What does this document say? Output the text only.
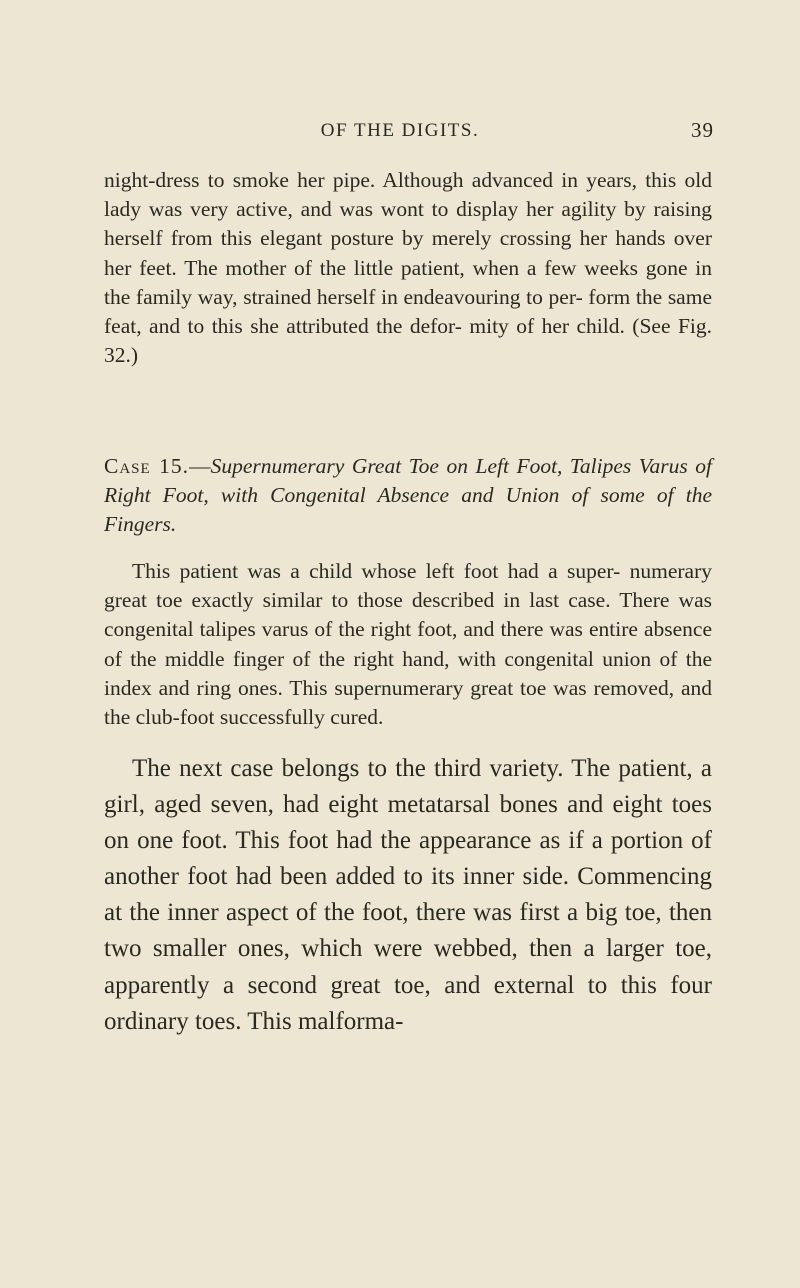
OF THE DIGITS.	39

night-dress to smoke her pipe. Although advanced in years, this old lady was very active, and was wont to display her agility by raising herself from this elegant posture by merely crossing her hands over her feet. The mother of the little patient, when a few weeks gone in the family way, strained herself in endeavouring to per- form the same feat, and to this she attributed the defor- mity of her child. (See Fig. 32.)

Case 15.—Supernumerary Great Toe on Left Foot, Talipes Varus of Right Foot, with Congenital Absence and Union of some of the Fingers.

This patient was a child whose left foot had a super- numerary great toe exactly similar to those described in last case. There was congenital talipes varus of the right foot, and there was entire absence of the middle finger of the right hand, with congenital union of the index and ring ones. This supernumerary great toe was removed, and the club-foot successfully cured.

The next case belongs to the third variety. The patient, a girl, aged seven, had eight metatarsal bones and eight toes on one foot. This foot had the appearance as if a portion of another foot had been added to its inner side. Commencing at the inner aspect of the foot, there was first a big toe, then two smaller ones, which were webbed, then a larger toe, apparently a second great toe, and external to this four ordinary toes. This malforma-
